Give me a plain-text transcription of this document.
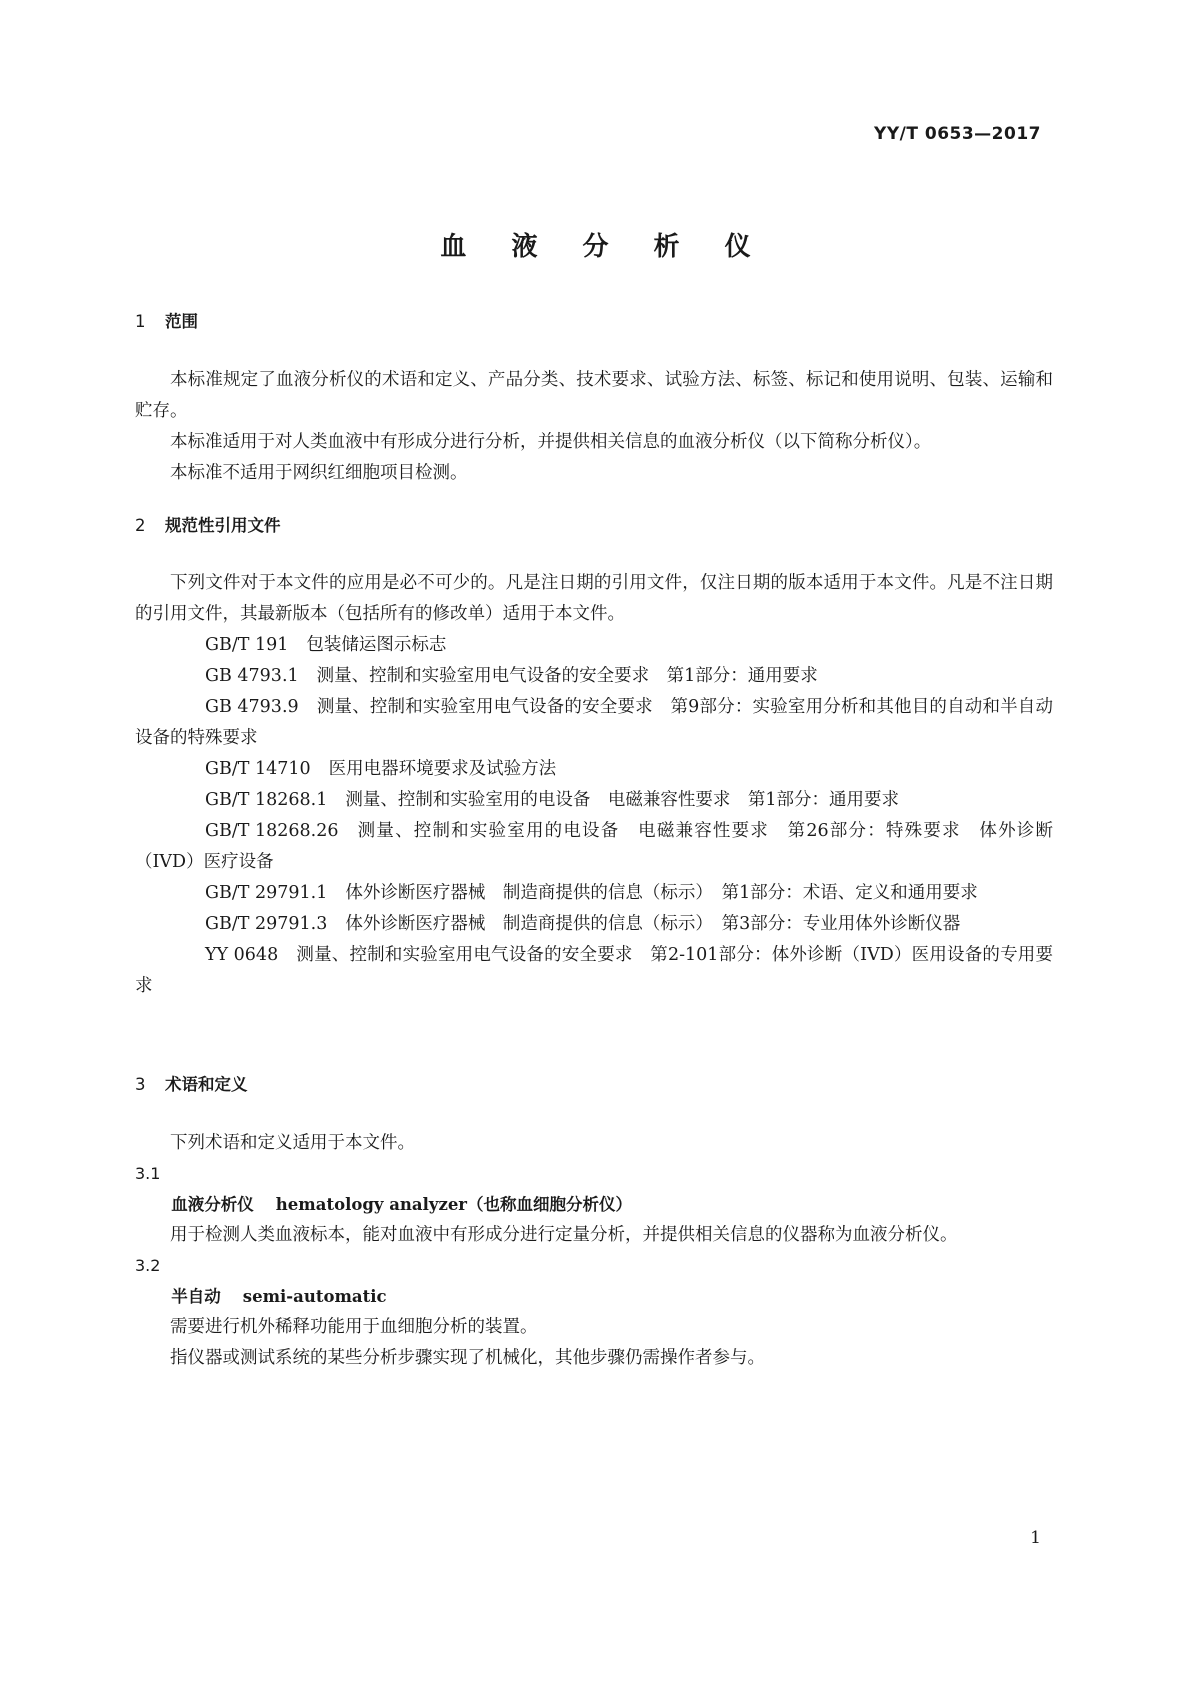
YY/T 0653—2017
血 液 分 析 仪

1 范围

本标准规定了血液分析仪的术语和定义、产品分类、技术要求、试验方法、标签、标记和使用说明、包装、运输和贮存。

本标准适用于对人类血液中有形成分进行分析，并提供相关信息的血液分析仪（以下简称分析仪）。

本标准不适用于网织红细胞项目检测。

2 规范性引用文件

下列文件对于本文件的应用是必不可少的。凡是注日期的引用文件，仅注日期的版本适用于本文件。凡是不注日期的引用文件，其最新版本（包括所有的修改单）适用于本文件。

GB/T 191 包装储运图示标志

GB 4793.1 测量、控制和实验室用电气设备的安全要求　第1部分：通用要求

GB 4793.9 测量、控制和实验室用电气设备的安全要求　第9部分：实验室用分析和其他目的自动和半自动设备的特殊要求

GB/T 14710 医用电器环境要求及试验方法

GB/T 18268.1 测量、控制和实验室用的电设备　电磁兼容性要求　第1部分：通用要求

GB/T 18268.26 测量、控制和实验室用的电设备　电磁兼容性要求　第26部分：特殊要求　体外诊断（IVD）医疗设备

GB/T 29791.1 体外诊断医疗器械　制造商提供的信息（标示）　第1部分：术语、定义和通用要求

GB/T 29791.3 体外诊断医疗器械　制造商提供的信息（标示）　第3部分：专业用体外诊断仪器

YY 0648 测量、控制和实验室用电气设备的安全要求　第2-101部分：体外诊断（IVD）医用设备的专用要求

3 术语和定义

下列术语和定义适用于本文件。

3.1

血液分析仪 hematology analyzer（也称血细胞分析仪）

用于检测人类血液标本，能对血液中有形成分进行定量分析，并提供相关信息的仪器称为血液分析仪。

3.2

半自动 semi-automatic

需要进行机外稀释功能用于血细胞分析的装置。

指仪器或测试系统的某些分析步骤实现了机械化，其他步骤仍需操作者参与。

1
